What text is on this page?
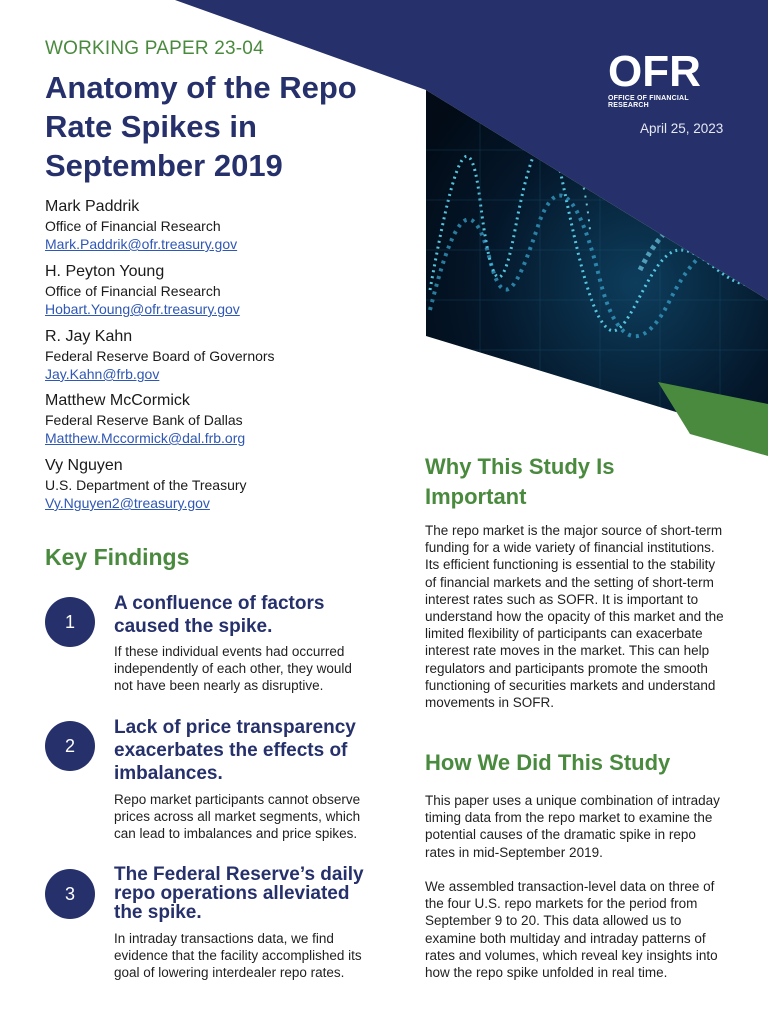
WORKING PAPER 23-04
Anatomy of the Repo Rate Spikes in September 2019
OFR
OFFICE OF FINANCIAL RESEARCH
April 25, 2023
Mark Paddrik
Office of Financial Research
Mark.Paddrik@ofr.treasury.gov
H. Peyton Young
Office of Financial Research
Hobart.Young@ofr.treasury.gov
R. Jay Kahn
Federal Reserve Board of Governors
Jay.Kahn@frb.gov
Matthew McCormick
Federal Reserve Bank of Dallas
Matthew.Mccormick@dal.frb.org
Vy Nguyen
U.S. Department of the Treasury
Vy.Nguyen2@treasury.gov
Key Findings
1
A confluence of factors caused the spike.
If these individual events had occurred independently of each other, they would not have been nearly as disruptive.
2
Lack of price transparency exacerbates the effects of imbalances.
Repo market participants cannot observe prices across all market segments, which can lead to imbalances and price spikes.
3
The Federal Reserve’s daily repo operations alleviated the spike.
In intraday transactions data, we find evidence that the facility accomplished its goal of lowering interdealer repo rates.
Why This Study Is Important
The repo market is the major source of short-term funding for a wide variety of financial institutions. Its efficient functioning is essential to the stability of financial markets and the setting of short-term interest rates such as SOFR. It is important to understand how the opacity of this market and the limited flexibility of participants can exacerbate interest rate moves in the market. This can help regulators and participants promote the smooth functioning of securities markets and understand movements in SOFR.
How We Did This Study
This paper uses a unique combination of intraday timing data from the repo market to examine the potential causes of the dramatic spike in repo rates in mid-September 2019.
We assembled transaction-level data on three of the four U.S. repo markets for the period from September 9 to 20. This data allowed us to examine both multiday and intraday patterns of rates and volumes, which reveal key insights into how the repo spike unfolded in real time.
